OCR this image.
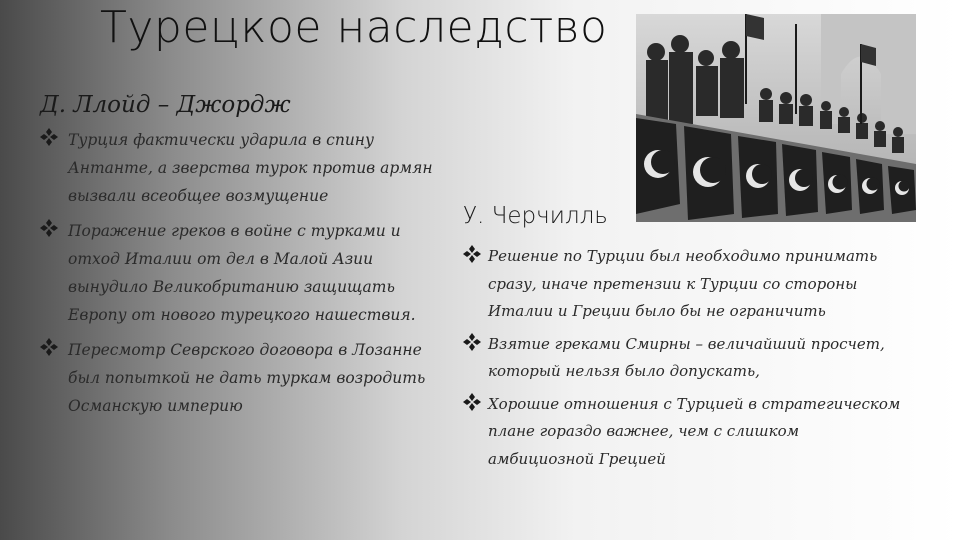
Турецкое наследство
Д. Ллойд – Джордж
Турция фактически ударила в спину Антанте, а зверства турок против армян вызвали всеобщее возмущение
Поражение греков в войне с турками и отход Италии от дел в Малой Азии вынудило Великобританию защищать Европу от нового турецкого нашествия.
Пересмотр Севрского договора в Лозанне был попыткой не дать туркам возродить Османскую империю
У. Черчилль
Решение по Турции был необходимо принимать сразу, иначе претензии к Турции со стороны Италии и Греции было бы не ограничить
Взятие греками Смирны – величайший просчет, который нельзя было допускать,
Хорошие отношения с Турцией в стратегическом плане гораздо важнее, чем с слишком амбициозной Грецией
